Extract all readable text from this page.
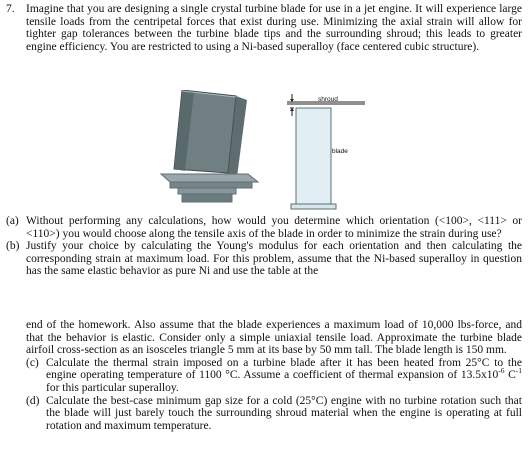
7. Imagine that you are designing a single crystal turbine blade for use in a jet engine. It will experience large tensile loads from the centripetal forces that exist during use. Minimizing the axial strain will allow for tighter gap tolerances between the turbine blade tips and the surrounding shroud; this leads to greater engine efficiency. You are restricted to using a Ni-based superalloy (face centered cubic structure).
shroud
blade
(a) Without performing any calculations, how would you determine which orientation (<100>, <111> or <110>) you would choose along the tensile axis of the blade in order to minimize the strain during use?
(b) Justify your choice by calculating the Young's modulus for each orientation and then calculating the corresponding strain at maximum load. For this problem, assume that the Ni-based superalloy in question has the same elastic behavior as pure Ni and use the table at the
end of the homework. Also assume that the blade experiences a maximum load of 10,000 lbs-force, and that the behavior is elastic. Consider only a simple uniaxial tensile load. Approximate the turbine blade airfoil cross-section as an isosceles triangle 5 mm at its base by 50 mm tall. The blade length is 150 mm.
(c) Calculate the thermal strain imposed on a turbine blade after it has been heated from 25°C to the engine operating temperature of 1100 °C. Assume a coefficient of thermal expansion of $13.5x10^{-6}$ $C^{-1}$ for this particular superalloy.
(d) Calculate the best-case minimum gap size for a cold (25°C) engine with no turbine rotation such that the blade will just barely touch the surrounding shroud material when the engine is operating at full rotation and maximum temperature.
